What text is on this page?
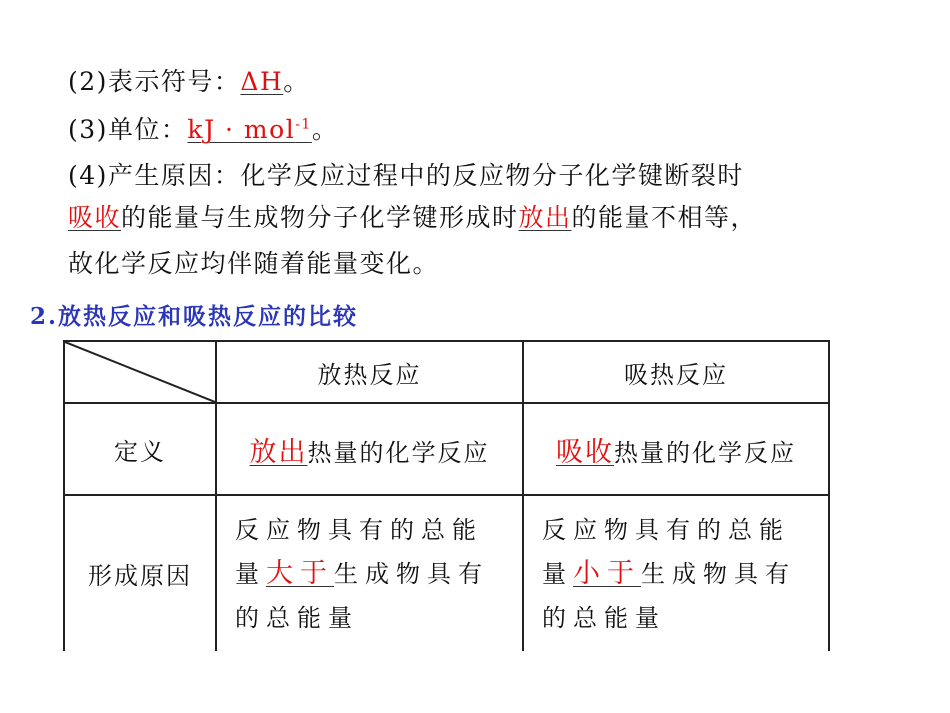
(2)表示符号：ΔH。
(3)单位：kJ · mol$^{-1}$。
(4)产生原因：化学反应过程中的反应物分子化学键断裂时
吸收的能量与生成物分子化学键形成时放出的能量不相等，
故化学反应均伴随着能量变化。
2.放热反应和吸热反应的比较
	放热反应	吸热反应
定义	放出热量的化学反应	吸收热量的化学反应
形成原因	反应物具有的总能量大于生成物具有的总能量	反应物具有的总能量小于生成物具有的总能量
